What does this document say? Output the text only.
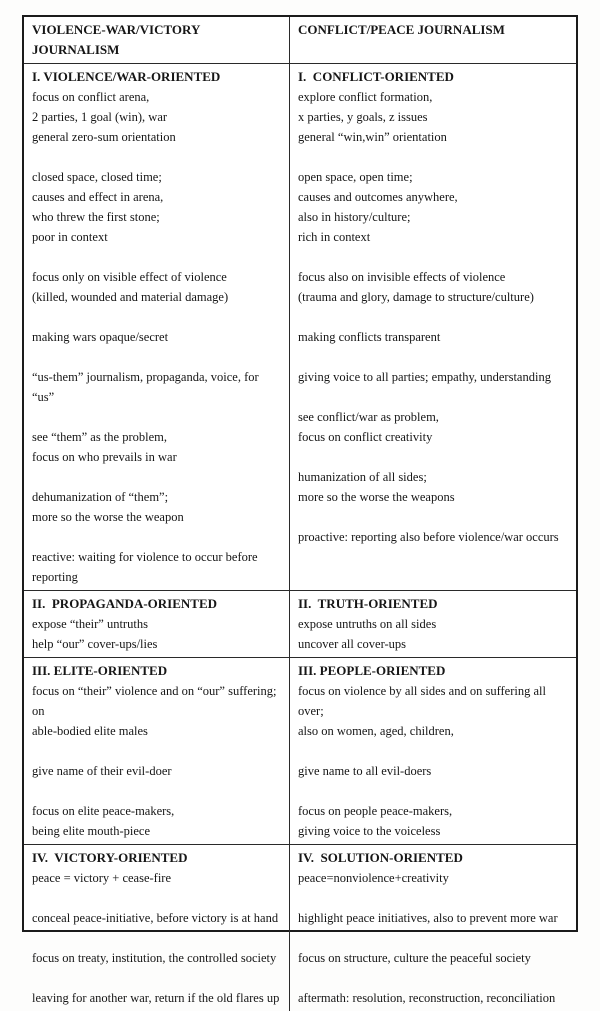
VIOLENCE-WAR/VICTORY JOURNALISM
CONFLICT/PEACE JOURNALISM
I. VIOLENCE/WAR-ORIENTED
focus on conflict arena,
2 parties, 1 goal (win), war
general zero-sum orientation
closed space, closed time;
causes and effect in arena,
who threw the first stone;
poor in context
focus only on visible effect of violence
(killed, wounded and material damage)
making wars opaque/secret
“us-them” journalism, propaganda, voice, for “us”
see “them” as the problem,
focus on who prevails in war
dehumanization of “them”;
more so the worse the weapon
reactive: waiting for violence to occur before reporting
I.  CONFLICT-ORIENTED
explore conflict formation,
x parties, y goals, z issues
general “win,win” orientation
open space, open time;
causes and outcomes anywhere,
also in history/culture;
rich in context
focus also on invisible effects of violence
(trauma and glory, damage to structure/culture)
making conflicts transparent
giving voice to all parties; empathy, understanding
see conflict/war as problem,
focus on conflict creativity
humanization of all sides;
more so the worse the weapons
proactive: reporting also before violence/war occurs
II.  PROPAGANDA-ORIENTED
expose “their” untruths
help “our” cover-ups/lies
II.  TRUTH-ORIENTED
expose untruths on all sides
uncover all cover-ups
III. ELITE-ORIENTED
focus on “their” violence and on “our” suffering; on
able-bodied elite males
give name of their evil-doer
focus on elite peace-makers,
being elite mouth-piece
III. PEOPLE-ORIENTED
focus on violence by all sides and on suffering all over;
also on women, aged, children,
give name to all evil-doers
focus on people peace-makers,
giving voice to the voiceless
IV.  VICTORY-ORIENTED
peace = victory + cease-fire
conceal peace-initiative, before victory is at hand
focus on treaty, institution, the controlled society
leaving for another war, return if the old flares up
IV.  SOLUTION-ORIENTED
peace=nonviolence+creativity
highlight peace initiatives, also to prevent more war
focus on structure, culture the peaceful society
aftermath: resolution, reconstruction, reconciliation
